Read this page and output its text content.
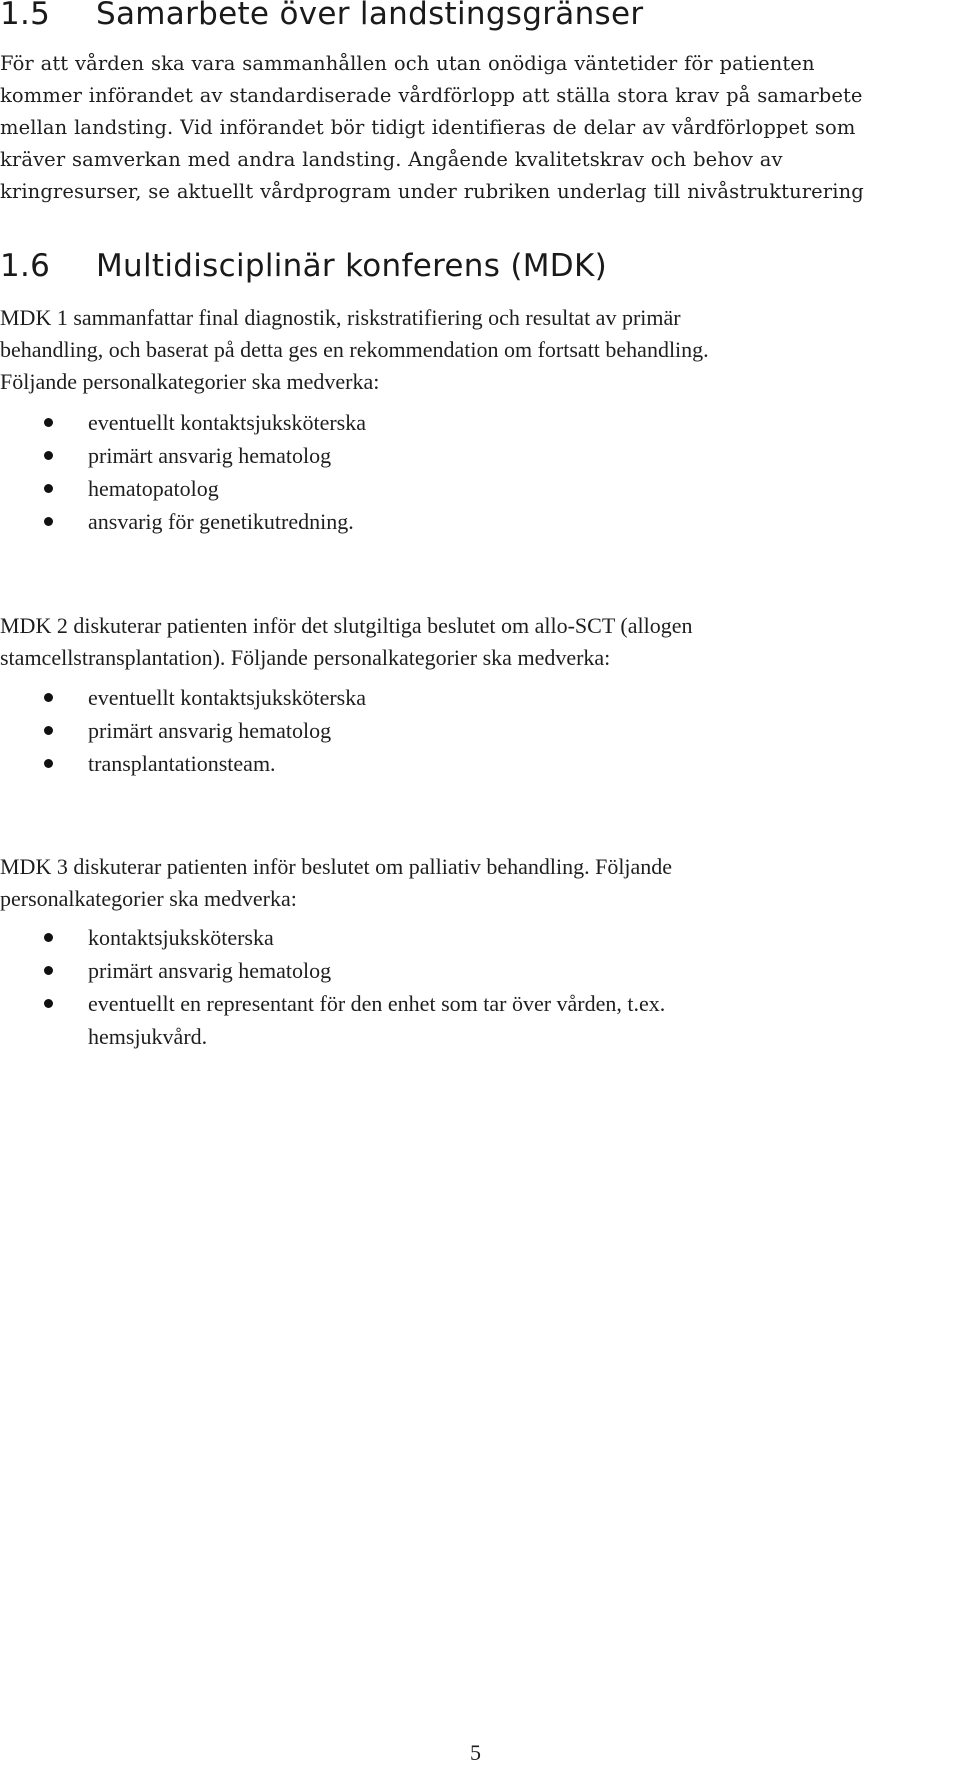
1.5 Samarbete över landstingsgränser

För att vården ska vara sammanhållen och utan onödiga väntetider för patienten
kommer införandet av standardiserade vårdförlopp att ställa stora krav på samarbete
mellan landsting. Vid införandet bör tidigt identifieras de delar av vårdförloppet som
kräver samverkan med andra landsting. Angående kvalitetskrav och behov av
kringresurser, se aktuellt vårdprogram under rubriken underlag till nivåstrukturering

1.6 Multidisciplinär konferens (MDK)

MDK 1 sammanfattar final diagnostik, riskstratifiering och resultat av primär
behandling, och baserat på detta ges en rekommendation om fortsatt behandling.
Följande personalkategorier ska medverka:

eventuellt kontaktsjuksköterska
primärt ansvarig hematolog
hematopatolog
ansvarig för genetikutredning.

MDK 2 diskuterar patienten inför det slutgiltiga beslutet om allo-SCT (allogen
stamcellstransplantation). Följande personalkategorier ska medverka:

eventuellt kontaktsjuksköterska
primärt ansvarig hematolog
transplantationsteam.

MDK 3 diskuterar patienten inför beslutet om palliativ behandling. Följande
personalkategorier ska medverka:

kontaktsjuksköterska
primärt ansvarig hematolog
eventuellt en representant för den enhet som tar över vården, t.ex.
hemsjukvård.
5
